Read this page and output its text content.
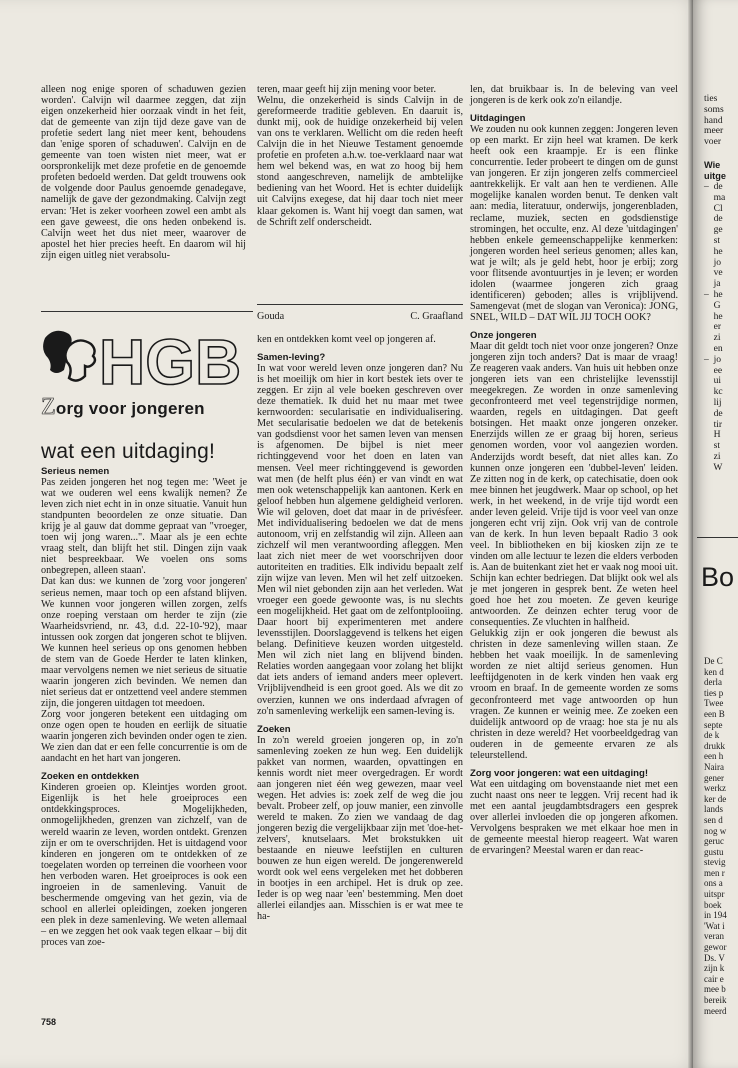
ties
soms
hand
meer
voer
Wie
uitge
–  de
ma
Cl
de
ge
st
he
jo
ve
ja
–  he
G
he
er
zi
en
–  jo
ee
ui
kc
lij
de
tir
H
st
zi
W
Bo
De C
ken d
derla
ties p
Twee
een B
septe
de k
drukk
een h
Naira
gener
werkz
ker de
lands
sen d
nog w
geruc
gustu
stevig
men r
ons a
uitspr
boek
in 194
'Wat i
veran
gewor
Ds. V
zijn k
cair e
mee b
bereik
meerd

alleen nog enige sporen of schaduwen gezien worden'. Calvijn wil daarmee zeggen, dat zijn eigen onzekerheid hier oorzaak vindt in het feit, dat de gemeente van zijn tijd deze gave van de profetie sedert lang niet meer kent, behoudens dan 'enige sporen of schaduwen'. Calvijn en de gemeente van toen wisten niet meer, wat er oorspronkelijk met deze profetie en de genoemde profeten bedoeld werden. Dat geldt trouwens ook de volgende door Paulus genoemde genadegave, namelijk de gave der gezondmaking. Calvijn zegt ervan: 'Het is zeker voorheen zowel een ambt als een gave geweest, die ons heden onbekend is. Calvijn weet het dus niet meer, waarover de apostel het hier precies heeft. En daarom wil hij zijn eigen uitleg niet verabsolu-

teren, maar geeft hij zijn mening voor beter.

Welnu, die onzekerheid is sinds Calvijn in de gereformeerde traditie gebleven. En daaruit is, dunkt mij, ook de huidige onzekerheid bij velen van ons te verklaren. Wellicht om die reden heeft Calvijn die in het Nieuwe Testament genoemde profetie en profeten a.h.w. toe-verklaard naar wat hem wel bekend was, en wat zo hoog bij hem stond aangeschreven, namelijk de ambtelijke bediening van het Woord. Het is echter duidelijk uit Calvijns exegese, dat hij daar toch niet meer klaar gekomen is. Want hij voegt dan samen, wat de Schrift zelf onderscheidt.

Gouda	C. Graafland
HGB
Zorg voor jongeren
wat een uitdaging!
Serieus nemen

Pas zeiden jongeren het nog tegen me: 'Weet je wat we ouderen wel eens kwalijk nemen? Ze leven zich niet echt in in onze situatie. Vanuit hun standpunten beoordelen ze onze situatie. Dan krijg je al gauw dat domme gepraat van "vroeger, toen wij jong waren...". Maar als je een echte vraag stelt, dan blijft het stil. Dingen zijn vaak niet bespreekbaar. We voelen ons soms onbegrepen, alleen staan'.

Dat kan dus: we kunnen de 'zorg voor jongeren' serieus nemen, maar toch op een afstand blijven. We kunnen voor jongeren willen zorgen, zelfs onze roeping verstaan om herder te zijn (zie Waarheidsvriend, nr. 43, d.d. 22-10-'92), maar intussen ook zorgen dat jongeren schot te blijven. We kunnen heel serieus op ons genomen hebben de stem van de Goede Herder te laten klinken, maar vervolgens nemen we niet serieus de situatie waarin jongeren zich bevinden. We nemen dan niet serieus dat er ontzettend veel andere stemmen zijn, die jongeren uitdagen tot meedoen.

Zorg voor jongeren betekent een uitdaging om onze ogen open te houden en eerlijk de situatie waarin jongeren zich bevinden onder ogen te zien. We zien dan dat er een felle concurrentie is om de aandacht en het hart van jongeren.

Zoeken en ontdekken

Kinderen groeien op. Kleintjes worden groot. Eigenlijk is het hele groeiproces een ontdekkingsproces. Mogelijkheden, onmogelijkheden, grenzen van zichzelf, van de wereld waarin ze leven, worden ontdekt. Grenzen zijn er om te overschrijden. Het is uitdagend voor kinderen en jongeren om te ontdekken of ze toegelaten worden op terreinen die voorheen voor hen verboden waren. Het groeiproces is ook een ingroeien in de samenleving. Vanuit de beschermende omgeving van het gezin, via de school en allerlei opleidingen, zoeken jongeren een plek in deze samenleving. We weten allemaal – en we zeggen het ook vaak tegen elkaar – bij dit proces van zoe-

ken en ontdekken komt veel op jongeren af.

Samen-leving?

In wat voor wereld leven onze jongeren dan? Nu is het moeilijk om hier in kort bestek iets over te zeggen. Er zijn al vele boeken geschreven over deze thematiek. Ik duid het nu maar met twee kernwoorden: secularisatie en individualisering. Met secularisatie bedoelen we dat de betekenis van godsdienst voor het samen leven van mensen is afgenomen. De bijbel is niet meer richtinggevend voor het doen en laten van mensen. Veel meer richtinggevend is geworden wat men (de helft plus één) er van vindt en wat men ook wetenschappelijk kan aantonen. Kerk en geloof hebben hun algemene geldigheid verloren. Wie wil geloven, doet dat maar in de privésfeer. Met individualisering bedoelen we dat de mens autonoom, vrij en zelfstandig wil zijn. Alleen aan zichzelf wil men verantwoording afleggen. Men laat zich niet meer de wet voorschrijven door autoriteiten en tradities. Elk individu bepaalt zelf zijn wijze van leven. Men wil het zelf uitzoeken. Men wil niet gebonden zijn aan het verleden. Wat vroeger een goede gewoonte was, is nu slechts een mogelijkheid. Het gaat om de zelfontplooiing. Daar hoort bij experimenteren met andere levensstijlen. Doorslaggevend is telkens het eigen belang. Definitieve keuzen worden uitgesteld. Men wil zich niet lang en blijvend binden. Relaties worden aangegaan voor zolang het blijkt dat iets anders of iemand anders meer oplevert. Vrijblijvendheid is een groot goed. Als we dit zo overzien, kunnen we ons inderdaad afvragen of zo'n samenleving werkelijk een samen-leving is.

Zoeken

In zo'n wereld groeien jongeren op, in zo'n samenleving zoeken ze hun weg. Een duidelijk pakket van normen, waarden, opvattingen en kennis wordt niet meer overgedragen. Er wordt aan jongeren niet één weg gewezen, maar veel wegen. Het advies is: zoek zelf de weg die jou bevalt. Probeer zelf, op jouw manier, een zinvolle wereld te maken. Zo zien we vandaag de dag jongeren bezig die vergelijkbaar zijn met 'doe-het-zelvers', knutselaars. Met brokstukken uit bestaande en nieuwe leefstijlen en culturen bouwen ze hun eigen wereld. De jongerenwereld wordt ook wel eens vergeleken met het dobberen in bootjes in een archipel. Het is druk op zee. Ieder is op weg naar 'een' bestemming. Men doet allerlei eilandjes aan. Misschien is er wat mee te ha-

len, dat bruikbaar is. In de beleving van veel jongeren is de kerk ook zo'n eilandje.

Uitdagingen

We zouden nu ook kunnen zeggen: Jongeren leven op een markt. Er zijn heel wat kramen. De kerk heeft ook een kraampje. Er is een flinke concurrentie. Ieder probeert te dingen om de gunst van jongeren. Er zijn jongeren zelfs commercieel aantrekkelijk. Er valt aan hen te verdienen. Alle mogelijke kanalen worden benut. Te denken valt aan: media, literatuur, onderwijs, jongerenbladen, reclame, muziek, secten en godsdienstige stromingen, het occulte, enz. Al deze 'uitdagingen' hebben enkele gemeenschappelijke kenmerken: jongeren worden heel serieus genomen; alles kan, wat je wilt; als je geld hebt, hoor je erbij; zorg voor flitsende avontuurtjes in je leven; er worden idolen (waarmee jongeren zich graag identificeren) geboden; alles is vrijblijvend. Samengevat (met de slogan van Veronica): JONG, SNEL, WILD – DAT WIL JIJ TOCH OOK?

Onze jongeren

Maar dit geldt toch niet voor onze jongeren? Onze jongeren zijn toch anders? Dat is maar de vraag! Ze reageren vaak anders. Van huis uit hebben onze jongeren iets van een christelijke levensstijl meegekregen. Ze worden in onze samenleving geconfronteerd met veel tegenstrijdige normen, waarden, regels en uitdagingen. Dat geeft botsingen. Het maakt onze jongeren onzeker. Enerzijds willen ze er graag bij horen, serieus genomen worden, voor vol aangezien worden. Anderzijds wordt beseft, dat niet alles kan. Zo kunnen onze jongeren een 'dubbel-leven' leiden. Ze zitten nog in de kerk, op catechisatie, doen ook mee binnen het jeugdwerk. Maar op school, op het werk, in het weekend, in de vrije tijd wordt een ander leven geleid. Vrije tijd is voor veel van onze jongeren echt vrij zijn. Ook vrij van de controle van de kerk. In hun leven bepaalt Radio 3 ook veel. In bibliotheken en bij kiosken zijn ze te vinden om alle lectuur te lezen die elders verboden is. Aan de buitenkant ziet het er vaak nog mooi uit. Schijn kan echter bedriegen. Dat blijkt ook wel als je met jongeren in gesprek bent. Ze weten heel goed hoe het zou moeten. Ze geven keurige antwoorden. Ze deinzen echter terug voor de consequenties. Ze vluchten in halfheid.

Gelukkig zijn er ook jongeren die bewust als christen in deze samenleving willen staan. Ze hebben het vaak moeilijk. In de samenleving worden ze niet altijd serieus genomen. Hun leeftijdgenoten in de kerk vinden hen vaak erg vroom en braaf. In de gemeente worden ze soms geconfronteerd met vage antwoorden op hun vragen. Ze kunnen er weinig mee. Ze zoeken een duidelijk antwoord op de vraag: hoe sta je nu als christen in deze wereld? Het voorbeeldgedrag van ouderen in de gemeente ervaren ze als teleurstellend.

Zorg voor jongeren: wat een uitdaging!

Wat een uitdaging om bovenstaande niet met een zucht naast ons neer te leggen. Vrij recent had ik met een aantal jeugdambtsdragers een gesprek over allerlei invloeden die op jongeren afkomen. Vervolgens bespraken we met elkaar hoe men in de gemeente meestal hierop reageert. Wat waren de ervaringen? Meestal waren er dan reac-

758
